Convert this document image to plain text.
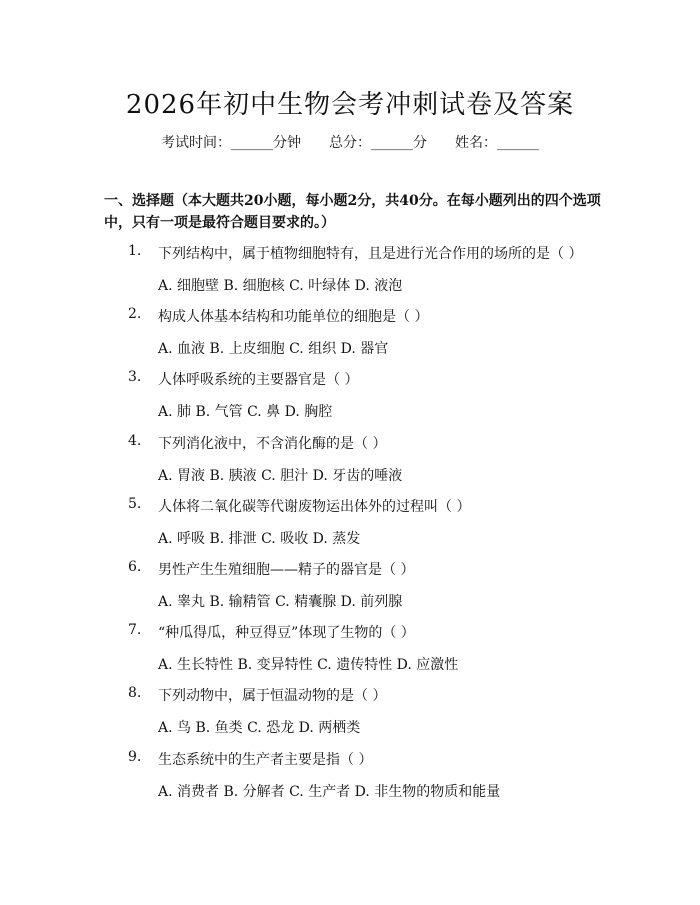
2026年初中生物会考冲刺试卷及答案
考试时间：______分钟 总分：______分 姓名：______
一、选择题（本大题共20小题，每小题2分，共40分。在每小题列出的四个选项中，只有一项是最符合题目要求的。）
1. 下列结构中，属于植物细胞特有，且是进行光合作用的场所的是（ ）
A. 细胞壁 B. 细胞核 C. 叶绿体 D. 液泡
2. 构成人体基本结构和功能单位的细胞是（ ）
A. 血液 B. 上皮细胞 C. 组织 D. 器官
3. 人体呼吸系统的主要器官是（ ）
A. 肺 B. 气管 C. 鼻 D. 胸腔
4. 下列消化液中，不含消化酶的是（ ）
A. 胃液 B. 胰液 C. 胆汁 D. 牙齿的唾液
5. 人体将二氧化碳等代谢废物运出体外的过程叫（ ）
A. 呼吸 B. 排泄 C. 吸收 D. 蒸发
6. 男性产生生殖细胞——精子的器官是（ ）
A. 睾丸 B. 输精管 C. 精囊腺 D. 前列腺
7. “种瓜得瓜，种豆得豆”体现了生物的（ ）
A. 生长特性 B. 变异特性 C. 遗传特性 D. 应激性
8. 下列动物中，属于恒温动物的是（ ）
A. 鸟 B. 鱼类 C. 恐龙 D. 两栖类
9. 生态系统中的生产者主要是指（ ）
A. 消费者 B. 分解者 C. 生产者 D. 非生物的物质和能量
